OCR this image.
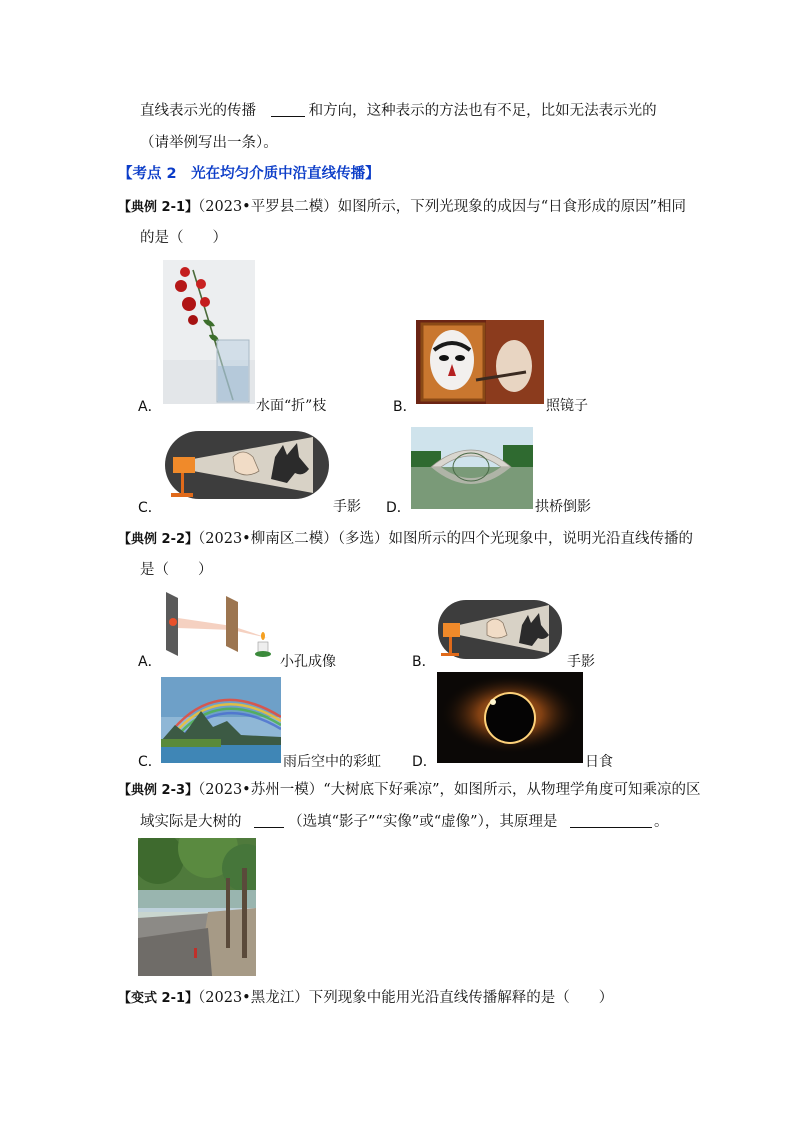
直线表示光的传播	和方向，这种表示的方法也有不足，比如无法表示光的
（请举例写出一条）。
【考点 2　光在均匀介质中沿直线传播】
【典例 2-1】（2023•平罗县二模）如图所示，下列光现象的成因与“日食形成的原因”相同
的是（　　）
A．	水面“折”枝	B．	照镜子
C．	手影 D．	拱桥倒影
【典例 2-2】（2023•柳南区二模）（多选）如图所示的四个光现象中，说明光沿直线传播的
是（　　）
A．	小孔成像	B．	手影
C．	雨后空中的彩虹 D．	日食
【典例 2-3】（2023•苏州一模）“大树底下好乘凉”，如图所示，从物理学角度可知乘凉的区
域实际是大树的	（选填“影子”“实像”或“虚像”），其原理是	。
【变式 2-1】（2023•黑龙江）下列现象中能用光沿直线传播解释的是（　　）
